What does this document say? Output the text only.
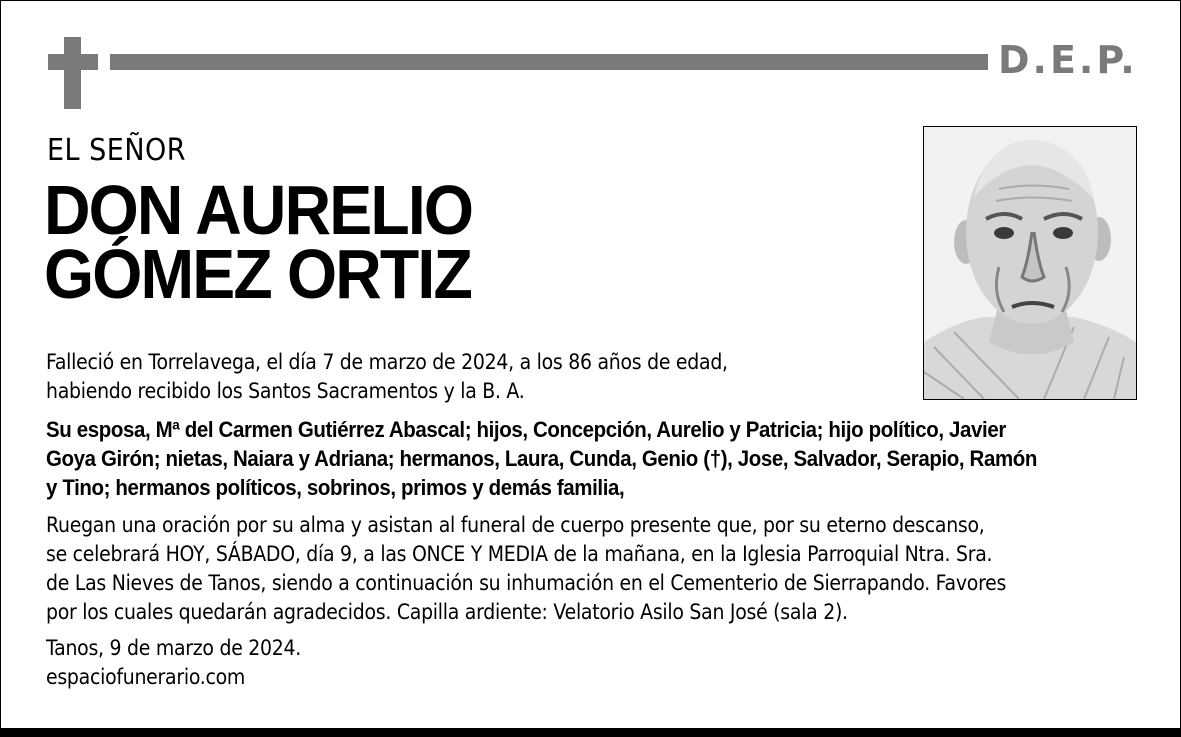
D.E.P.
EL SEÑOR
DON AURELIO
GÓMEZ ORTIZ
Falleció en Torrelavega, el día 7 de marzo de 2024, a los 86 años de edad,
habiendo recibido los Santos Sacramentos y la B. A.
Su esposa, Mª del Carmen Gutiérrez Abascal; hijos, Concepción, Aurelio y Patricia; hijo político, Javier
Goya Girón; nietas, Naiara y Adriana; hermanos, Laura, Cunda, Genio (†), Jose, Salvador, Serapio, Ramón
y Tino; hermanos políticos, sobrinos, primos y demás familia,
Ruegan una oración por su alma y asistan al funeral de cuerpo presente que, por su eterno descanso,
se celebrará HOY, SÁBADO, día 9, a las ONCE Y MEDIA de la mañana, en la Iglesia Parroquial Ntra. Sra.
de Las Nieves de Tanos, siendo a continuación su inhumación en el Cementerio de Sierrapando. Favores
por los cuales quedarán agradecidos. Capilla ardiente: Velatorio Asilo San José (sala 2).
Tanos, 9 de marzo de 2024.
espaciofunerario.com
